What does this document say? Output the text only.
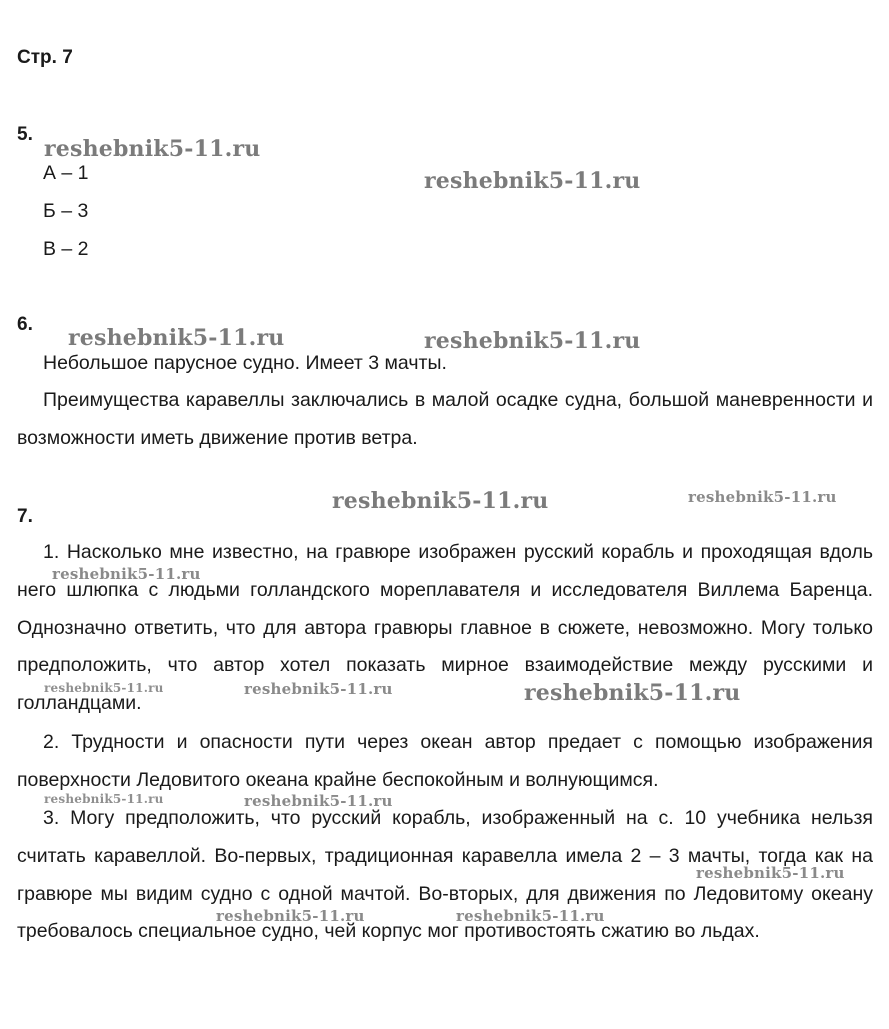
Стр. 7
5.
А – 1
Б – 3
В – 2
6.
Небольшое парусное судно. Имеет 3 мачты.
Преимущества каравеллы заключались в малой осадке судна, большой маневренности и возможности иметь движение против ветра.
7.
1. Насколько мне известно, на гравюре изображен русский корабль и проходящая вдоль него шлюпка с людьми голландского мореплавателя и исследователя Виллема Баренца. Однозначно ответить, что для автора гравюры главное в сюжете, невозможно. Могу только предположить, что автор хотел показать мирное взаимодействие между русскими и голландцами.
2. Трудности и опасности пути через океан автор предает с помощью изображения поверхности Ледовитого океана крайне беспокойным и волнующимся.
3. Могу предположить, что русский корабль, изображенный на с. 10 учебника нельзя считать каравеллой. Во-первых, традиционная каравелла имела 2 – 3 мачты, тогда как на гравюре мы видим судно с одной мачтой. Во-вторых, для движения по Ледовитому океану требовалось специальное судно, чей корпус мог противостоять сжатию во льдах.
reshebnik5-11.ru
reshebnik5-11.ru
reshebnik5-11.ru	reshebnik5-11.ru
reshebnik5-11.ru	reshebnik5-11.ru
reshebnik5-11.ru
reshebnik5-11.ru	reshebnik5-11.ru	reshebnik5-11.ru
reshebnik5-11.ru	reshebnik5-11.ru
reshebnik5-11.ru
reshebnik5-11.ru	reshebnik5-11.ru
